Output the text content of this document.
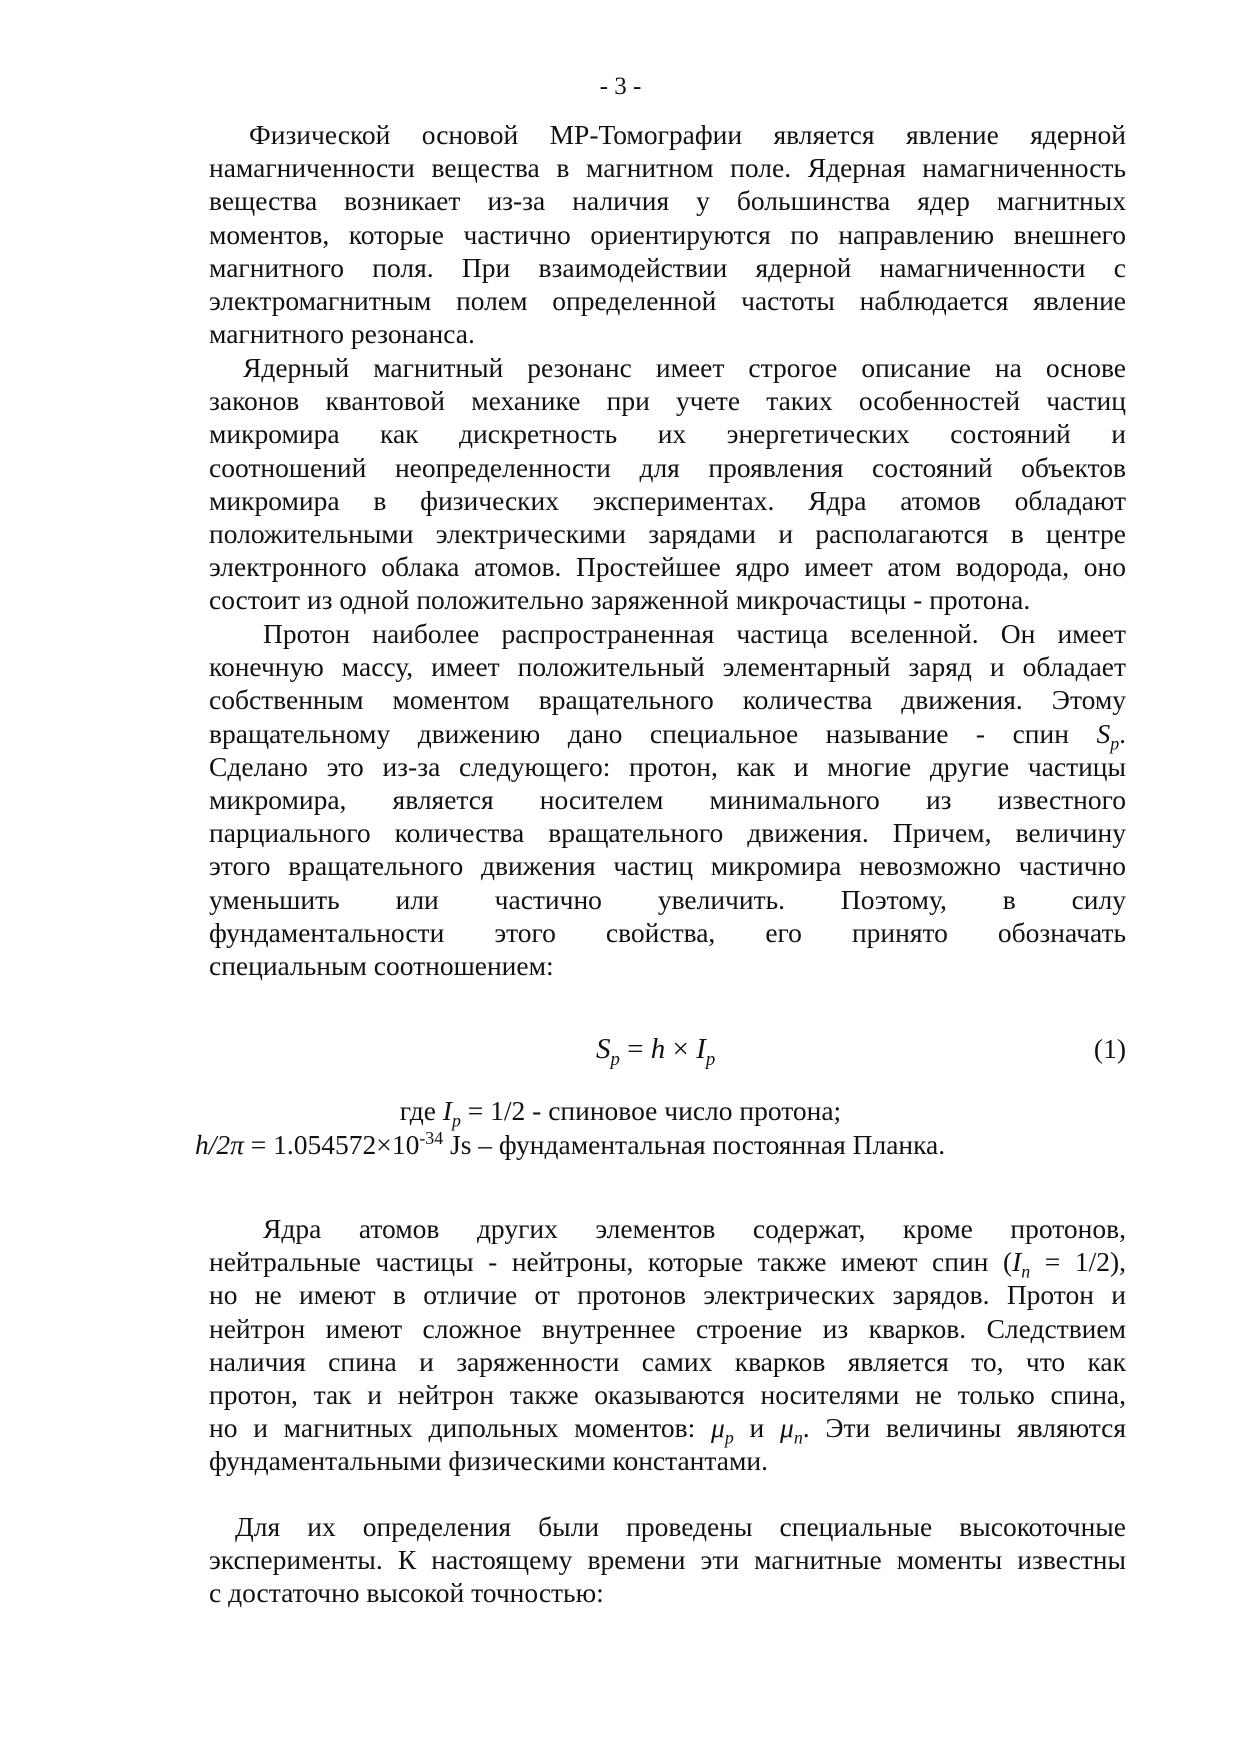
- 3 -
Физической основой МР-Томографии является явление ядерной
намагниченности вещества в магнитном поле. Ядерная намагниченность
вещества возникает из-за наличия у большинства ядер магнитных
моментов, которые частично ориентируются по направлению внешнего
магнитного поля. При взаимодействии ядерной намагниченности с
электромагнитным полем определенной частоты наблюдается явление
магнитного резонанса.
Ядерный магнитный резонанс имеет строгое описание на основе
законов квантовой механике при учете таких особенностей частиц
микромира как дискретность их энергетических состояний и
соотношений неопределенности для проявления состояний объектов
микромира в физических экспериментах. Ядра атомов обладают
положительными электрическими зарядами и располагаются в центре
электронного облака атомов. Простейшее ядро имеет атом водорода, оно
состоит из одной положительно заряженной микрочастицы - протона.
Протон наиболее распространенная частица вселенной. Он имеет
конечную массу, имеет положительный элементарный заряд и обладает
собственным моментом вращательного количества движения. Этому
вращательному движению дано специальное называние - спин $S_p$.
Сделано это из-за следующего: протон, как и многие другие частицы
микромира, является носителем минимального из известного
парциального количества вращательного движения. Причем, величину
этого вращательного движения частиц микромира невозможно частично
уменьшить или частично увеличить. Поэтому, в силу
фундаментальности этого свойства, его принято обозначать
специальным соотношением:
$S_p = h \times I_p$	(1)
где $I_p = 1/2$ - спиновое число протона;
$h/2\pi = 1.054572\times 10^{-34}$ Js – фундаментальная постоянная Планка.
Ядра атомов других элементов содержат, кроме протонов,
нейтральные частицы - нейтроны, которые также имеют спин $(I_n = 1/2)$,
но не имеют в отличие от протонов электрических зарядов. Протон и
нейтрон имеют сложное внутреннее строение из кварков. Следствием
наличия спина и заряженности самих кварков является то, что как
протон, так и нейтрон также оказываются носителями не только спина,
но и магнитных дипольных моментов: $\mu_p$ и $\mu_n$. Эти величины являются
фундаментальными физическими константами.
Для их определения были проведены специальные высокоточные
эксперименты. К настоящему времени эти магнитные моменты известны
с достаточно высокой точностью:
